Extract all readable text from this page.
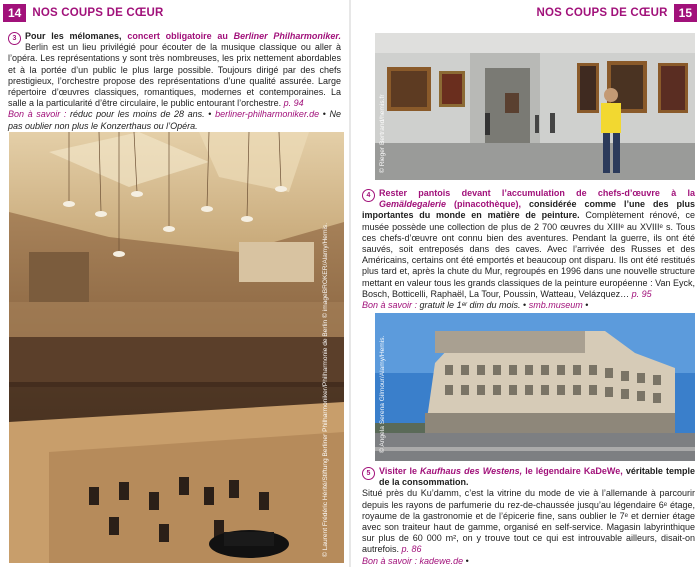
14 NOS COUPS DE CŒUR
3 Pour les mélomanes, concert obligatoire au Berliner Philharmoniker. Berlin est un lieu privilégié pour écouter de la musique classique ou aller à l’opéra. Les représentations y sont très nombreuses, les prix nettement abordables et à la portée d’un public le plus large possible. Toujours dirigé par des chefs prestigieux, l’orchestre propose des représentations d’une qualité assurée. Large répertoire d’œuvres classiques, romantiques, modernes et contemporaines. La salle a la particularité d’être circulaire, le public entourant l’orchestre. p. 94
Bon à savoir : réduc pour les moins de 28 ans. • berliner-philharmoniker.de • Ne pas oublier non plus le Konzerthaus ou l’Opéra.
© Laurent Frédéric Hérité/Stiftung Berliner Philharmoniker/Philharmonie de Berlin © imageBROKER/Alamy/Hemis.
NOS COUPS DE CŒUR 15
© Rieger Bertrand/hemis.fr
4 Rester pantois devant l’accumulation de chefs-d’œuvre à la Gemäldegalerie (pinacothèque), considérée comme l’une des plus importantes du monde en matière de peinture. Complètement rénové, ce musée possède une collection de plus de 2 700 œuvres du XIIIᵉ au XVIIIᵉ s. Tous ces chefs-d’œuvre ont connu bien des aventures. Pendant la guerre, ils ont été sauvés, soit entreposés dans des caves. Avec l’arrivée des Russes et des Américains, certains ont été emportés et beaucoup ont disparu. Ils ont été restitués plus tard et, après la chute du Mur, regroupés en 1996 dans une nouvelle structure mettant en valeur tous les grands classiques de la peinture européenne : Van Eyck, Bosch, Botticelli, Raphaël, La Tour, Poussin, Watteau, Velázquez… p. 95
Bon à savoir : gratuit le 1ᵉʳ dim du mois. • smb.museum •
© Angela Serena Gilmour/Alamy/Hemis.
5 Visiter le Kaufhaus des Westens, le légendaire KaDeWe, véritable temple de la consommation.
Situé près du Ku’damm, c’est la vitrine du mode de vie à l’allemande à parcourir depuis les rayons de parfumerie du rez-de-chaussée jusqu’au légendaire 6ᵉ étage, royaume de la gastronomie et de l’épicerie fine, sans oublier le 7ᵉ et dernier étage avec son traiteur haut de gamme, organisé en self-service. Magasin labyrinthique sur plus de 60 000 m², on y trouve tout ce qui est introuvable ailleurs, disait-on autrefois. p. 86
Bon à savoir : kadewe.de •
